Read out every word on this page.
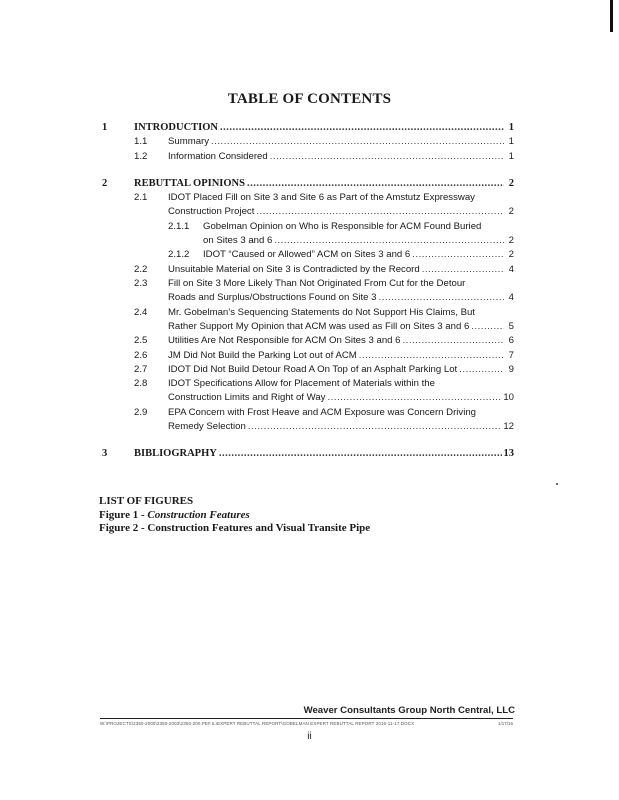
TABLE OF CONTENTS
1	INTRODUCTION .....	1
1.1 Summary .....	1
1.2 Information Considered .....	1
2	REBUTTAL OPINIONS .....	2
2.1 IDOT Placed Fill on Site 3 and Site 6 as Part of the Amstutz Expressway
Construction Project .....	2
2.1.1 Gobelman Opinion on Who is Responsible for ACM Found Buried
on Sites 3 and 6 .....	2
2.1.2 IDOT “Caused or Allowed” ACM on Sites 3 and 6 .....	2
2.2 Unsuitable Material on Site 3 is Contradicted by the Record .....	4
2.3 Fill on Site 3 More Likely Than Not Originated From Cut for the Detour
Roads and Surplus/Obstructions Found on Site 3 .....	4
2.4 Mr. Gobelman’s Sequencing Statements do Not Support His Claims, But
Rather Support My Opinion that ACM was used as Fill on Sites 3 and 6 .....	5
2.5 Utilities Are Not Responsible for ACM On Sites 3 and 6 .....	6
2.6 JM Did Not Build the Parking Lot out of ACM .....	7
2.7 IDOT Did Not Build Detour Road A On Top of an Asphalt Parking Lot .....	9
2.8 IDOT Specifications Allow for Placement of Materials within the
Construction Limits and Right of Way .....	10
2.9 EPA Concern with Frost Heave and ACM Exposure was Concern Driving
Remedy Selection .....	12
3	BIBLIOGRAPHY .....	13
LIST OF FIGURES
Figure 1 - Construction Features
Figure 2 - Construction Features and Visual Transite Pipe
Weaver Consultants Group North Central, LLC
W:\PROJECTS\2350-2000\2350-2003\2350-200.PEF.IL\EXPERT REBUTTAL REPORT\GOBELMAN EXPERT REBUTTAL REPORT 2016-11-17.DOCX	1/17/16
ii
